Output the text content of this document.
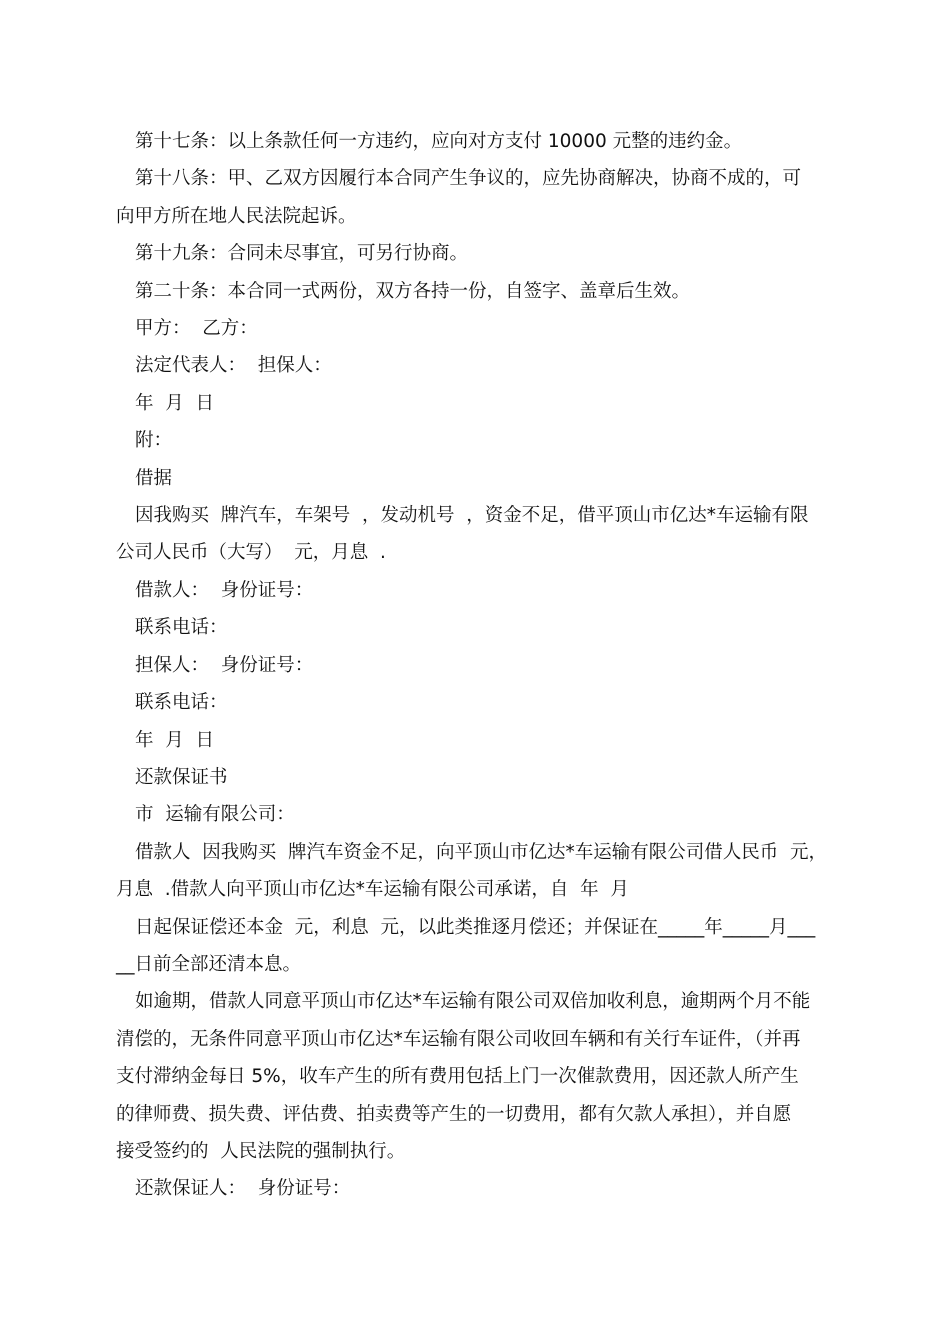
第十七条：以上条款任何一方违约，应向对方支付 10000 元整的违约金。
第十八条：甲、乙双方因履行本合同产生争议的，应先协商解决，协商不成的，可
向甲方所在地人民法院起诉。
第十九条：合同未尽事宜，可另行协商。
第二十条：本合同一式两份，双方各持一份，自签字、盖章后生效。
甲方：  乙方：
法定代表人：  担保人：
年  月  日
附：
借据
因我购买  牌汽车，车架号  ，发动机号  ，资金不足，借平顶山市亿达*车运输有限
公司人民币（大写）  元，月息  .
借款人：  身份证号：
联系电话：
担保人：  身份证号：
联系电话：
年  月  日
还款保证书
市  运输有限公司：
借款人  因我购买  牌汽车资金不足，向平顶山市亿达*车运输有限公司借人民币  元，
月息  .借款人向平顶山市亿达*车运输有限公司承诺，自  年  月
日起保证偿还本金  元，利息  元，以此类推逐月偿还；并保证在_____年_____月___
__日前全部还清本息。
如逾期，借款人同意平顶山市亿达*车运输有限公司双倍加收利息，逾期两个月不能
清偿的，无条件同意平顶山市亿达*车运输有限公司收回车辆和有关行车证件，（并再
支付滞纳金每日 5%，收车产生的所有费用包括上门一次催款费用，因还款人所产生
的律师费、损失费、评估费、拍卖费等产生的一切费用，都有欠款人承担），并自愿
接受签约的  人民法院的强制执行。
还款保证人：  身份证号：
